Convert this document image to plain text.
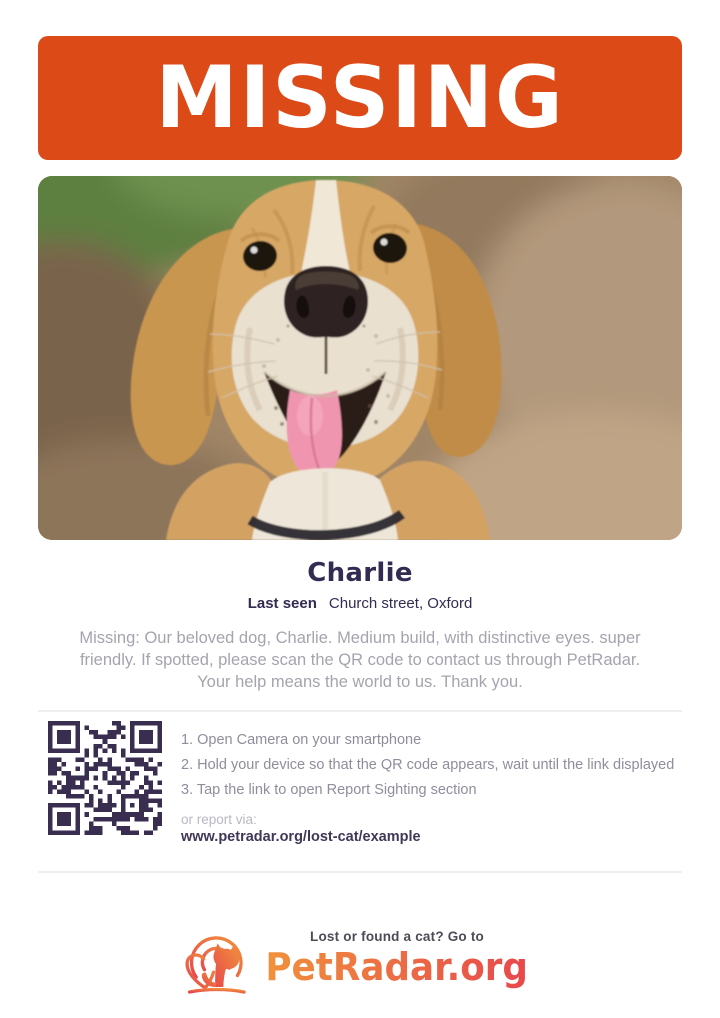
MISSING
Charlie
Last seen Church street, Oxford
Missing: Our beloved dog, Charlie. Medium build, with distinctive eyes. super
friendly. If spotted, please scan the QR code to contact us through PetRadar.
Your help means the world to us. Thank you.
1. Open Camera on your smartphone
2. Hold your device so that the QR code appears, wait until the link displayed
3. Tap the link to open Report Sighting section
or report via:
www.petradar.org/lost-cat/example
Lost or found a cat? Go to
PetRadar.org
